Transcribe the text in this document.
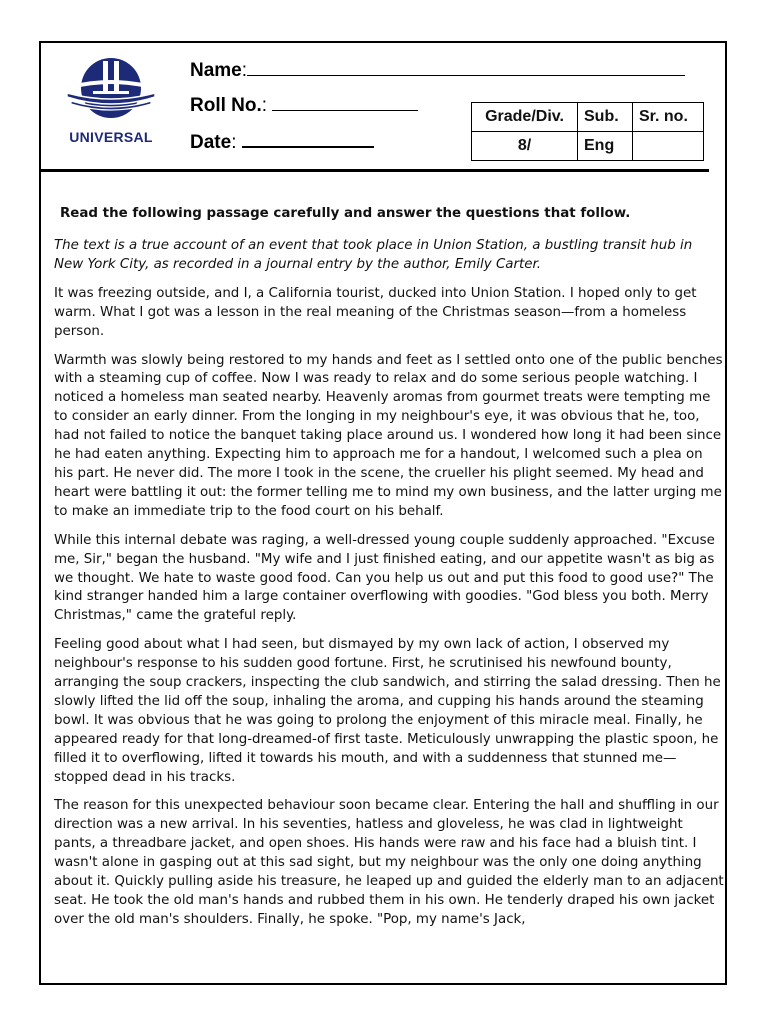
UNIVERSAL
Name:
Roll No.:
Date:
Grade/Div.	Sub.	Sr. no.
8/	Eng	
Read the following passage carefully and answer the questions that follow.

The text is a true account of an event that took place in Union Station, a bustling transit hub in New York City, as recorded in a journal entry by the author, Emily Carter.

It was freezing outside, and I, a California tourist, ducked into Union Station. I hoped only to get warm. What I got was a lesson in the real meaning of the Christmas season—from a homeless person.

Warmth was slowly being restored to my hands and feet as I settled onto one of the public benches with a steaming cup of coffee. Now I was ready to relax and do some serious people watching. I noticed a homeless man seated nearby. Heavenly aromas from gourmet treats were tempting me to consider an early dinner. From the longing in my neighbour's eye, it was obvious that he, too, had not failed to notice the banquet taking place around us. I wondered how long it had been since he had eaten anything. Expecting him to approach me for a handout, I welcomed such a plea on his part. He never did. The more I took in the scene, the crueller his plight seemed. My head and heart were battling it out: the former telling me to mind my own business, and the latter urging me to make an immediate trip to the food court on his behalf.

While this internal debate was raging, a well-dressed young couple suddenly approached. "Excuse me, Sir," began the husband. "My wife and I just finished eating, and our appetite wasn't as big as we thought. We hate to waste good food. Can you help us out and put this food to good use?" The kind stranger handed him a large container overflowing with goodies. "God bless you both. Merry Christmas," came the grateful reply.

Feeling good about what I had seen, but dismayed by my own lack of action, I observed my neighbour's response to his sudden good fortune. First, he scrutinised his newfound bounty, arranging the soup crackers, inspecting the club sandwich, and stirring the salad dressing. Then he slowly lifted the lid off the soup, inhaling the aroma, and cupping his hands around the steaming bowl. It was obvious that he was going to prolong the enjoyment of this miracle meal. Finally, he appeared ready for that long-dreamed-of first taste. Meticulously unwrapping the plastic spoon, he filled it to overflowing, lifted it towards his mouth, and with a suddenness that stunned me—stopped dead in his tracks.

The reason for this unexpected behaviour soon became clear. Entering the hall and shuffling in our direction was a new arrival. In his seventies, hatless and gloveless, he was clad in lightweight pants, a threadbare jacket, and open shoes. His hands were raw and his face had a bluish tint. I wasn't alone in gasping out at this sad sight, but my neighbour was the only one doing anything about it. Quickly pulling aside his treasure, he leaped up and guided the elderly man to an adjacent seat. He took the old man's hands and rubbed them in his own. He tenderly draped his own jacket over the old man's shoulders. Finally, he spoke. "Pop, my name's Jack,
